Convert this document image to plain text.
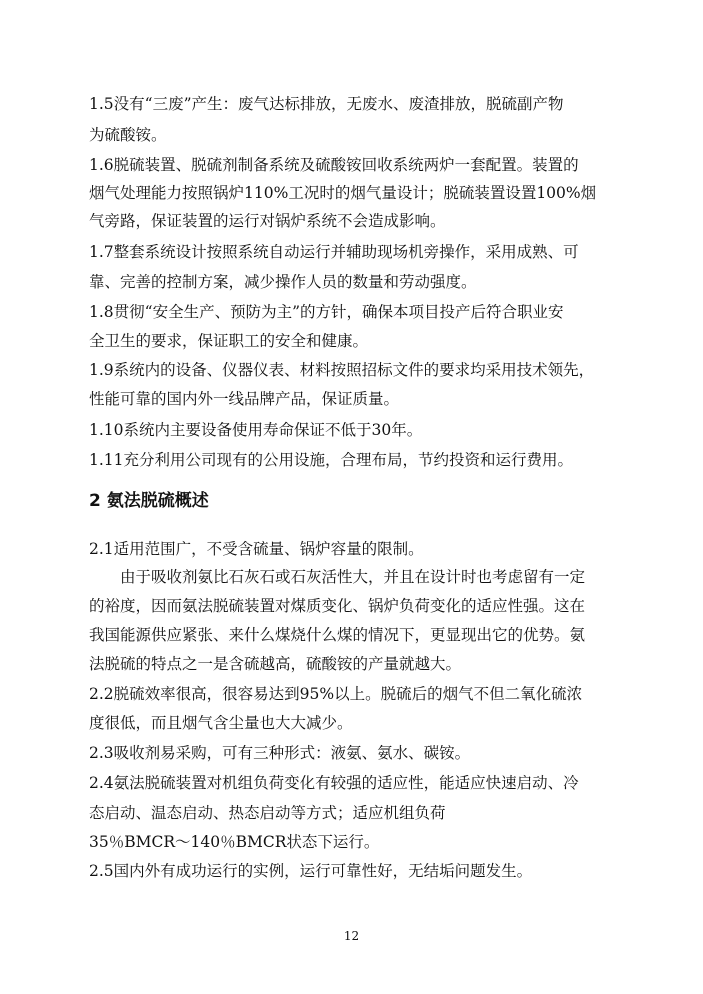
1.5没有“三废”产生：废气达标排放，无废水、废渣排放，脱硫副产物
为硫酸铵。
1.6脱硫装置、脱硫剂制备系统及硫酸铵回收系统两炉一套配置。装置的
烟气处理能力按照锅炉110%工况时的烟气量设计；脱硫装置设置100%烟
气旁路，保证装置的运行对锅炉系统不会造成影响。
1.7整套系统设计按照系统自动运行并辅助现场机旁操作，采用成熟、可
靠、完善的控制方案，减少操作人员的数量和劳动强度。
1.8贯彻“安全生产、预防为主”的方针，确保本项目投产后符合职业安
全卫生的要求，保证职工的安全和健康。
1.9系统内的设备、仪器仪表、材料按照招标文件的要求均采用技术领先，
性能可靠的国内外一线品牌产品，保证质量。
1.10系统内主要设备使用寿命保证不低于30年。
1.11充分利用公司现有的公用设施，合理布局，节约投资和运行费用。
2 氨法脱硫概述
2.1适用范围广，不受含硫量、锅炉容量的限制。
由于吸收剂氨比石灰石或石灰活性大，并且在设计时也考虑留有一定
的裕度，因而氨法脱硫装置对煤质变化、锅炉负荷变化的适应性强。这在
我国能源供应紧张、来什么煤烧什么煤的情况下，更显现出它的优势。氨
法脱硫的特点之一是含硫越高，硫酸铵的产量就越大。
2.2脱硫效率很高，很容易达到95%以上。脱硫后的烟气不但二氧化硫浓
度很低，而且烟气含尘量也大大减少。
2.3吸收剂易采购，可有三种形式：液氨、氨水、碳铵。
2.4氨法脱硫装置对机组负荷变化有较强的适应性，能适应快速启动、冷
态启动、温态启动、热态启动等方式；适应机组负荷
35％BMCR～140％BMCR状态下运行。
2.5国内外有成功运行的实例，运行可靠性好，无结垢问题发生。
12
